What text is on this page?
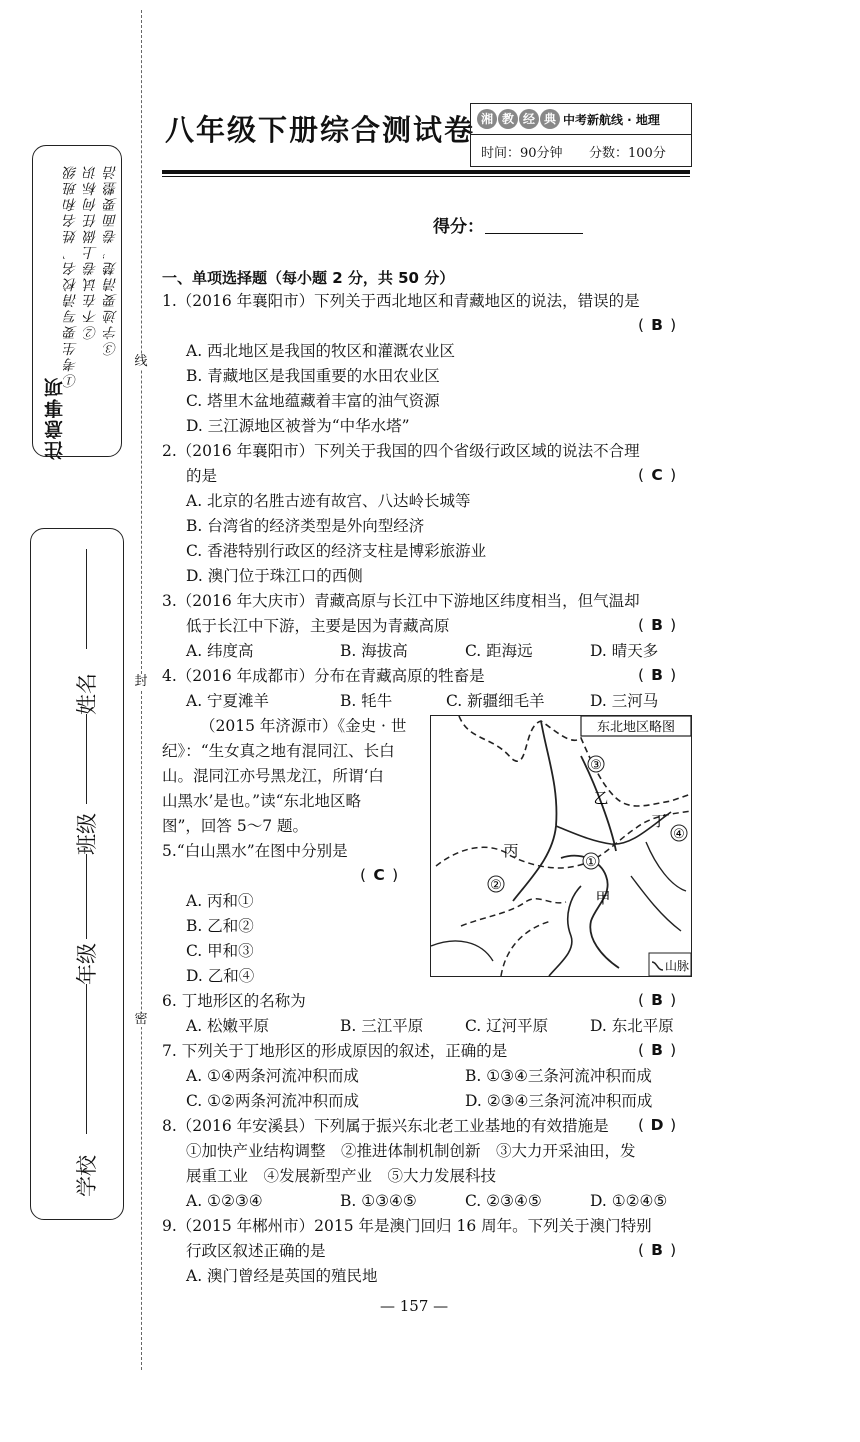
线
封
密
注意事项
①考生要写清校名、姓名和班级 ②不在试卷上做任何标识 ③字迹要清楚，卷面要整洁
姓名
班级
年级
学校
八年级下册综合测试卷 湘 教 经 典 中考新航线 · 地理
时间：90分钟 分数：100分
得分：
一、单项选择题（每小题 2 分，共 50 分）
1.（2016 年襄阳市）下列关于西北地区和青藏地区的说法，错误的是
( B )
A. 西北地区是我国的牧区和灌溉农业区
B. 青藏地区是我国重要的水田农业区
C. 塔里木盆地蕴藏着丰富的油气资源
D. 三江源地区被誉为“中华水塔”
2.（2016 年襄阳市）下列关于我国的四个省级行政区域的说法不合理
的是	( C )
A. 北京的名胜古迹有故宫、八达岭长城等
B. 台湾省的经济类型是外向型经济
C. 香港特别行政区的经济支柱是博彩旅游业
D. 澳门位于珠江口的西侧
3.（2016 年大庆市）青藏高原与长江中下游地区纬度相当，但气温却
低于长江中下游，主要是因为青藏高原	( B )
A. 纬度高	B. 海拔高	C. 距海远	D. 晴天多
4.（2016 年成都市）分布在青藏高原的牲畜是	( B )
A. 宁夏滩羊	B. 牦牛	C. 新疆细毛羊	D. 三河马
（2015 年济源市）《金史 · 世
纪》：“生女真之地有混同江、长白
山。混同江亦号黑龙江，所谓‘白
山黑水’是也。”读“东北地区略
图”，回答 5～7 题。
5.“白山黑水”在图中分别是
( C )
A. 丙和①
B. 乙和②
C. 甲和③
D. 乙和④
东北地区略图
③
乙
丙
①
②
甲
丁
④
山脉
6. 丁地形区的名称为	( B )
A. 松嫩平原	B. 三江平原	C. 辽河平原	D. 东北平原
7. 下列关于丁地形区的形成原因的叙述，正确的是	( B )
A. ①④两条河流冲积而成	B. ①③④三条河流冲积而成
C. ①②两条河流冲积而成	D. ②③④三条河流冲积而成
8.（2016 年安溪县）下列属于振兴东北老工业基地的有效措施是 ( D )
①加快产业结构调整　②推进体制机制创新　③大力开采油田，发
展重工业　④发展新型产业　⑤大力发展科技
A. ①②③④	B. ①③④⑤	C. ②③④⑤	D. ①②④⑤
9.（2015 年郴州市）2015 年是澳门回归 16 周年。下列关于澳门特别
行政区叙述正确的是	( B )
A. 澳门曾经是英国的殖民地
— 157 —
